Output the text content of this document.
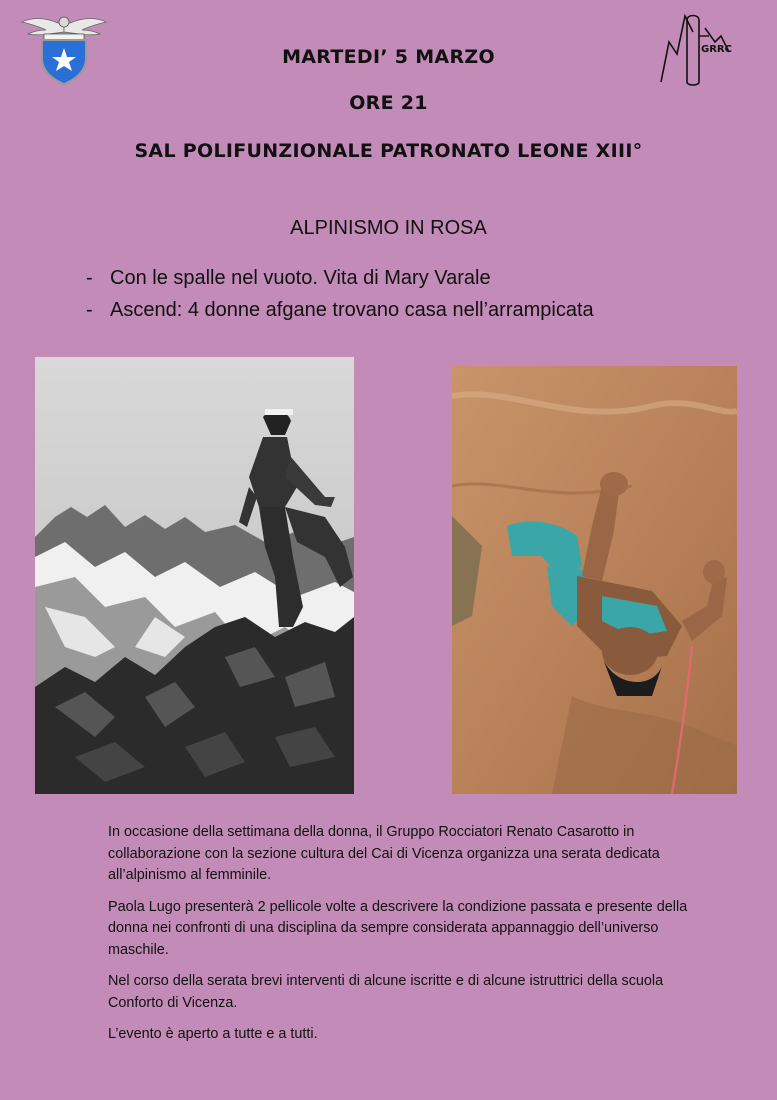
GRRC
MARTEDI’ 5 MARZO
ORE 21
SAL POLIFUNZIONALE PATRONATO LEONE XIII°
ALPINISMO IN ROSA
- Con le spalle nel vuoto. Vita di Mary Varale
- Ascend: 4 donne afgane trovano casa nell’arrampicata

In occasione della settimana della donna, il Gruppo Rocciatori Renato Casarotto in collaborazione con la sezione cultura del Cai di Vicenza organizza una serata dedicata all’alpinismo al femminile.

Paola Lugo presenterà 2 pellicole volte a descrivere la condizione passata e presente della donna nei confronti di una disciplina da sempre considerata appannaggio dell’universo maschile.

Nel corso della serata brevi interventi di alcune iscritte e di alcune istruttrici della scuola Conforto di Vicenza.

L’evento è aperto a tutte e a tutti.
